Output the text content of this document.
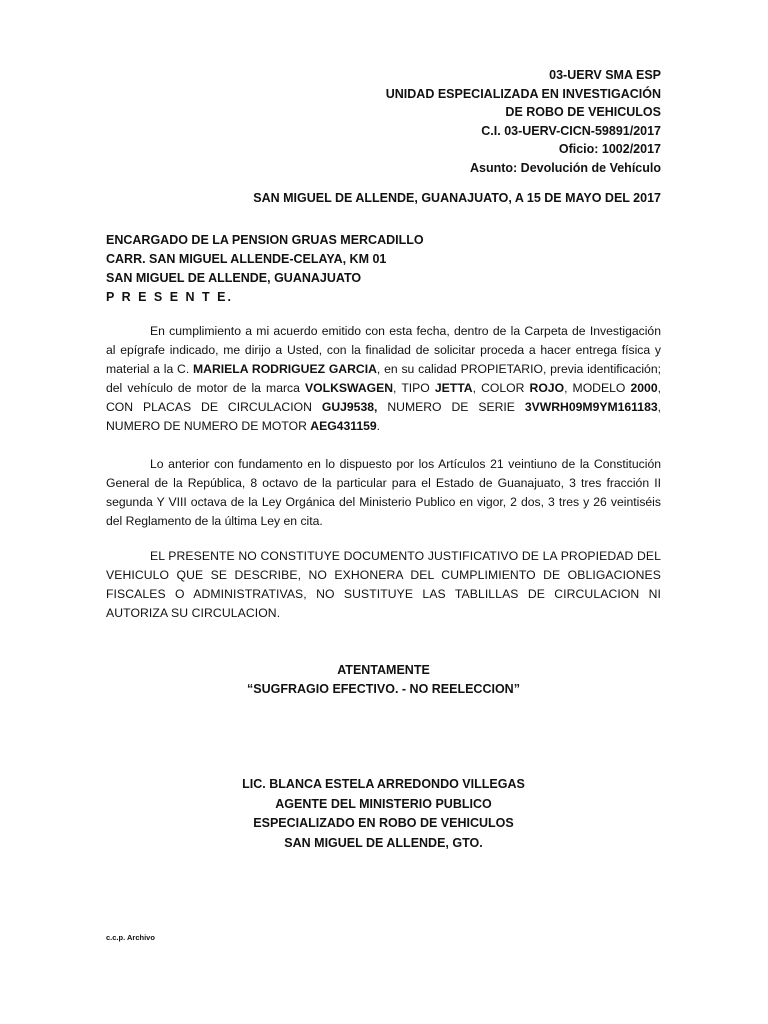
03-UERV SMA ESP
UNIDAD ESPECIALIZADA EN INVESTIGACIÓN
DE ROBO DE VEHICULOS
C.I. 03-UERV-CICN-59891/2017
Oficio: 1002/2017
Asunto: Devolución de Vehículo
SAN MIGUEL DE ALLENDE, GUANAJUATO, A 15 DE MAYO DEL 2017
ENCARGADO DE LA PENSION GRUAS MERCADILLO
CARR. SAN MIGUEL ALLENDE-CELAYA, KM 01
SAN MIGUEL DE ALLENDE, GUANAJUATO
P R E S E N T E.
En cumplimiento a mi acuerdo emitido con esta fecha, dentro de la Carpeta de Investigación al epígrafe indicado, me dirijo a Usted, con la finalidad de solicitar proceda a hacer entrega física y material a la C. MARIELA RODRIGUEZ GARCIA, en su calidad PROPIETARIO, previa identificación; del vehículo de motor de la marca VOLKSWAGEN, TIPO JETTA, COLOR ROJO, MODELO 2000, CON PLACAS DE CIRCULACION GUJ9538, NUMERO DE SERIE 3VWRH09M9YM161183, NUMERO DE NUMERO DE MOTOR AEG431159.
Lo anterior con fundamento en lo dispuesto por los Artículos 21 veintiuno de la Constitución General de la República, 8 octavo de la particular para el Estado de Guanajuato, 3 tres fracción II segunda Y VIII octava de la Ley Orgánica del Ministerio Publico en vigor, 2 dos, 3 tres y 26 veintiséis del Reglamento de la última Ley en cita.
EL PRESENTE NO CONSTITUYE DOCUMENTO JUSTIFICATIVO DE LA PROPIEDAD DEL VEHICULO QUE SE DESCRIBE, NO EXHONERA DEL CUMPLIMIENTO DE OBLIGACIONES FISCALES O ADMINISTRATIVAS, NO SUSTITUYE LAS TABLILLAS DE CIRCULACION NI AUTORIZA SU CIRCULACION.
ATENTAMENTE
“SUGFRAGIO EFECTIVO. - NO REELECCION”
LIC. BLANCA ESTELA ARREDONDO VILLEGAS
AGENTE DEL MINISTERIO PUBLICO
ESPECIALIZADO EN ROBO DE VEHICULOS
SAN MIGUEL DE ALLENDE, GTO.
c.c.p. Archivo
